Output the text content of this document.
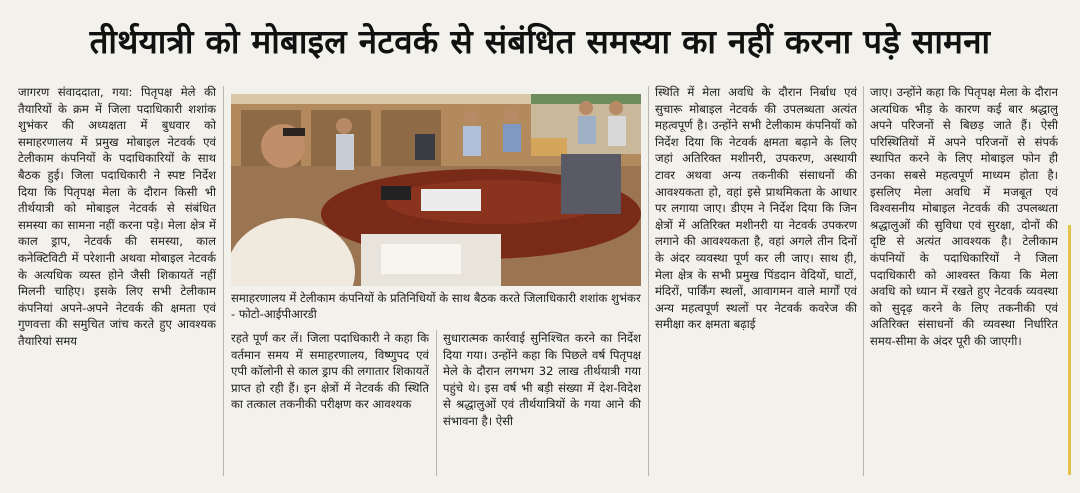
तीर्थयात्री को मोबाइल नेटवर्क से संबंधित समस्या का नहीं करना पड़े सामना

जागरण संवाददाता, गया: पितृपक्ष मेले की तैयारियों के क्रम में जिला पदाधिकारी शशांक शुभंकर की अध्यक्षता में बुधवार को समाहरणालय में प्रमुख मोबाइल नेटवर्क एवं टेलीकाम कंपनियों के पदाधिकारियों के साथ बैठक हुई। जिला पदाधिकारी ने स्पष्ट निर्देश दिया कि पितृपक्ष मेला के दौरान किसी भी तीर्थयात्री को मोबाइल नेटवर्क से संबंधित समस्या का सामना नहीं करना पड़े। मेला क्षेत्र में काल ड्राप, नेटवर्क की समस्या, काल कनेक्टिविटी में परेशानी अथवा मोबाइल नेटवर्क के अत्यधिक व्यस्त होने जैसी शिकायतें नहीं मिलनी चाहिए। इसके लिए सभी टेलीकाम कंपनियां अपने-अपने नेटवर्क की क्षमता एवं गुणवत्ता की समुचित जांच करते हुए आवश्यक तैयारियां समय

समाहरणालय में टेलीकाम कंपनियों के प्रतिनिधियों के साथ बैठक करते जिलाधिकारी शशांक शुभंकर - फोटो-आईपीआरडी

रहते पूर्ण कर लें। जिला पदाधिकारी ने कहा कि वर्तमान समय में समाहरणालय, विष्णुपद एवं एपी कॉलोनी से काल ड्राप की लगातार शिकायतें प्राप्त हो रही हैं। इन क्षेत्रों में नेटवर्क की स्थिति का तत्काल तकनीकी परीक्षण कर आवश्यक

सुधारात्मक कार्रवाई सुनिश्चित करने का निर्देश दिया गया। उन्होंने कहा कि पिछले वर्ष पितृपक्ष मेले के दौरान लगभग 32 लाख तीर्थयात्री गया पहुंचे थे। इस वर्ष भी बड़ी संख्या में देश-विदेश से श्रद्धालुओं एवं तीर्थयात्रियों के गया आने की संभावना है। ऐसी

स्थिति में मेला अवधि के दौरान निर्बाध एवं सुचारू मोबाइल नेटवर्क की उपलब्धता अत्यंत महत्वपूर्ण है। उन्होंने सभी टेलीकाम कंपनियों को निर्देश दिया कि नेटवर्क क्षमता बढ़ाने के लिए जहां अतिरिक्त मशीनरी, उपकरण, अस्थायी टावर अथवा अन्य तकनीकी संसाधनों की आवश्यकता हो, वहां इसे प्राथमिकता के आधार पर लगाया जाए। डीएम ने निर्देश दिया कि जिन क्षेत्रों में अतिरिक्त मशीनरी या नेटवर्क उपकरण लगाने की आवश्यकता है, वहां अगले तीन दिनों के अंदर व्यवस्था पूर्ण कर ली जाए। साथ ही, मेला क्षेत्र के सभी प्रमुख पिंडदान वेदियों, घाटों, मंदिरों, पार्किंग स्थलों, आवागमन वाले मार्गों एवं अन्य महत्वपूर्ण स्थलों पर नेटवर्क कवरेज की समीक्षा कर क्षमता बढ़ाई

जाए। उन्होंने कहा कि पितृपक्ष मेला के दौरान अत्यधिक भीड़ के कारण कई बार श्रद्धालु अपने परिजनों से बिछड़ जाते हैं। ऐसी परिस्थितियों में अपने परिजनों से संपर्क स्थापित करने के लिए मोबाइल फोन ही उनका सबसे महत्वपूर्ण माध्यम होता है। इसलिए मेला अवधि में मजबूत एवं विश्वसनीय मोबाइल नेटवर्क की उपलब्धता श्रद्धालुओं की सुविधा एवं सुरक्षा, दोनों की दृष्टि से अत्यंत आवश्यक है। टेलीकाम कंपनियों के पदाधिकारियों ने जिला पदाधिकारी को आश्वस्त किया कि मेला अवधि को ध्यान में रखते हुए नेटवर्क व्यवस्था को सुदृढ़ करने के लिए तकनीकी एवं अतिरिक्त संसाधनों की व्यवस्था निर्धारित समय-सीमा के अंदर पूरी की जाएगी।
